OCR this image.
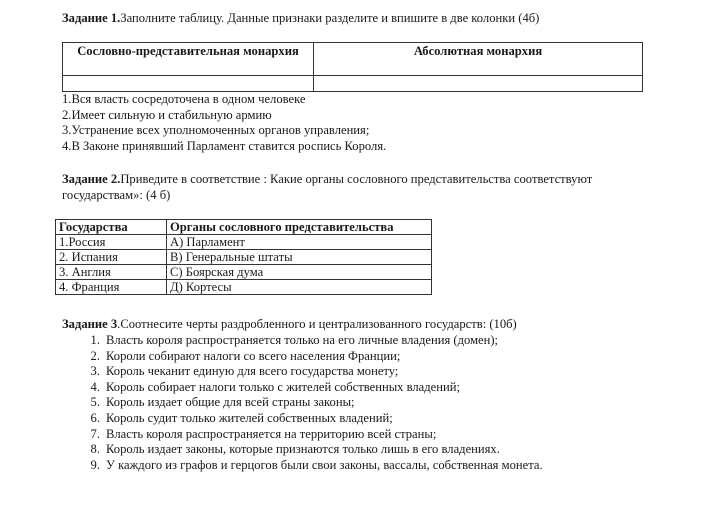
Задание 1.Заполните таблицу. Данные признаки разделите и впишите в две колонки (4б)
Сословно-представительная монархия	Абсолютная монархия

1.Вся власть сосредоточена в одном человеке
2.Имеет сильную и стабильную армию
3.Устранение всех уполномоченных органов управления;
4.В Законе принявший Парламент ставится роспись Короля.
Задание 2.Приведите в соответствие : Какие органы сословного представительства соответствуют
государствам»: (4 б)
Государства	Органы сословного представительства
1.Россия	А) Парламент
2. Испания	В) Генеральные штаты
3. Англия	С) Боярская дума
4. Франция	Д) Кортесы
Задание 3.Соотнесите черты раздробленного и централизованного государств: (10б)
1. Власть короля распространяется только на его личные владения (домен);
2. Короли собирают налоги со всего населения Франции;
3. Король чеканит единую для всего государства монету;
4. Король собирает налоги только с жителей собственных владений;
5. Король издает общие для всей страны законы;
6. Король судит только жителей собственных владений;
7. Власть короля распространяется на территорию всей страны;
8. Король издает законы, которые признаются только лишь в его владениях.
9. У каждого из графов и герцогов были свои законы, вассалы, собственная монета.
